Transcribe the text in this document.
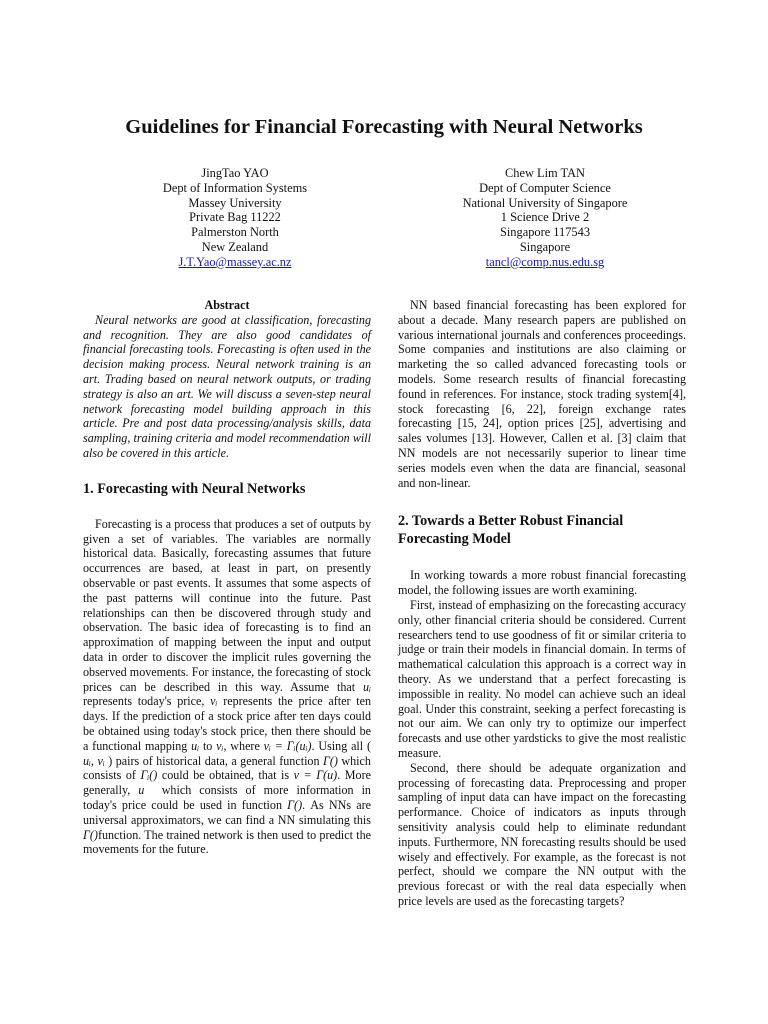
Guidelines for Financial Forecasting with Neural Networks
JingTao YAO
Dept of Information Systems
Massey University
Private Bag 11222
Palmerston North
New Zealand
J.T.Yao@massey.ac.nz
Chew Lim TAN
Dept of Computer Science
National University of Singapore
1 Science Drive 2
Singapore 117543
Singapore
tancl@comp.nus.edu.sg

Abstract

Neural networks are good at classification, forecasting and recognition. They are also good candidates of financial forecasting tools. Forecasting is often used in the decision making process. Neural network training is an art. Trading based on neural network outputs, or trading strategy is also an art. We will discuss a seven-step neural network forecasting model building approach in this article. Pre and post data processing/analysis skills, data sampling, training criteria and model recommendation will also be covered in this article.

1. Forecasting with Neural Networks

Forecasting is a process that produces a set of outputs by given a set of variables. The variables are normally historical data. Basically, forecasting assumes that future occurrences are based, at least in part, on presently observable or past events. It assumes that some aspects of the past patterns will continue into the future. Past relationships can then be discovered through study and observation. The basic idea of forecasting is to find an approximation of mapping between the input and output data in order to discover the implicit rules governing the observed movements. For instance, the forecasting of stock prices can be described in this way. Assume that uᵢ represents today's price, vᵢ represents the price after ten days. If the prediction of a stock price after ten days could be obtained using today's stock price, then there should be a functional mapping uᵢ to vᵢ, where vᵢ = Γᵢ(uᵢ). Using all ( uᵢ, vᵢ ) pairs of historical data, a general function Γ() which consists of Γᵢ() could be obtained, that is v = Γ(u). More generally, u⃗ which consists of more information in today's price could be used in function Γ(). As NNs are universal approximators, we can find a NN simulating this Γ()function. The trained network is then used to predict the movements for the future.

NN based financial forecasting has been explored for about a decade. Many research papers are published on various international journals and conferences proceedings. Some companies and institutions are also claiming or marketing the so called advanced forecasting tools or models. Some research results of financial forecasting found in references. For instance, stock trading system[4], stock forecasting [6, 22], foreign exchange rates forecasting [15, 24], option prices [25], advertising and sales volumes [13]. However, Callen et al. [3] claim that NN models are not necessarily superior to linear time series models even when the data are financial, seasonal and non-linear.

2. Towards a Better Robust Financial Forecasting Model

In working towards a more robust financial forecasting model, the following issues are worth examining.

First, instead of emphasizing on the forecasting accuracy only, other financial criteria should be considered. Current researchers tend to use goodness of fit or similar criteria to judge or train their models in financial domain. In terms of mathematical calculation this approach is a correct way in theory. As we understand that a perfect forecasting is impossible in reality. No model can achieve such an ideal goal. Under this constraint, seeking a perfect forecasting is not our aim. We can only try to optimize our imperfect forecasts and use other yardsticks to give the most realistic measure.

Second, there should be adequate organization and processing of forecasting data. Preprocessing and proper sampling of input data can have impact on the forecasting performance. Choice of indicators as inputs through sensitivity analysis could help to eliminate redundant inputs. Furthermore, NN forecasting results should be used wisely and effectively. For example, as the forecast is not perfect, should we compare the NN output with the previous forecast or with the real data especially when price levels are used as the forecasting targets?
